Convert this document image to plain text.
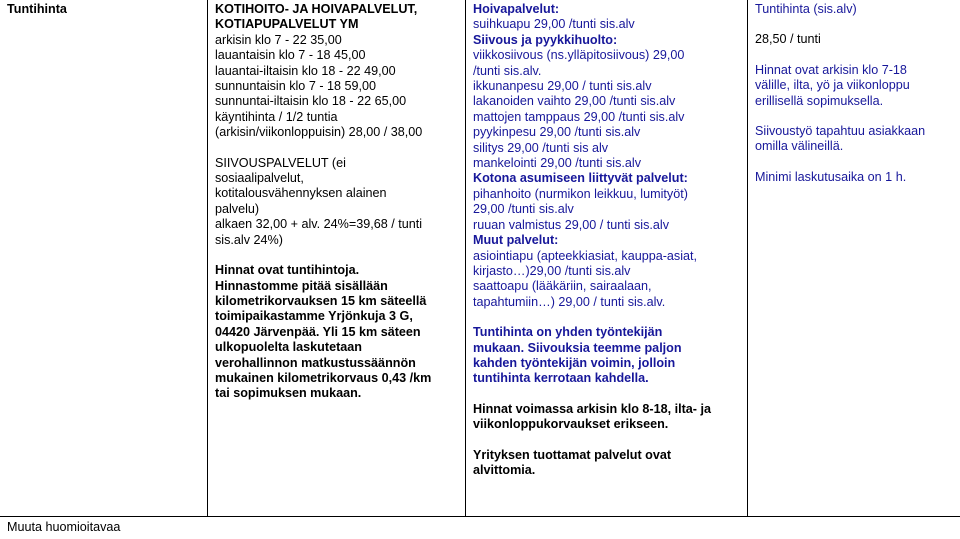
Tuntihinta	KOTIHOITO- JA HOIVAPALVELUT,

KOTIAPUPALVELUT YM

arkisin klo 7 - 22 35,00

lauantaisin klo 7 - 18 45,00

lauantai-iltaisin klo 18 - 22 49,00

sunnuntaisin klo 7 - 18 59,00

sunnuntai-iltaisin klo 18 - 22 65,00

käyntihinta / 1/2 tuntia

(arkisin/viikonloppuisin) 28,00 / 38,00

SIIVOUSPALVELUT (ei

sosiaalipalvelut,

kotitalousvähennyksen alainen

palvelu)

alkaen 32,00 + alv. 24%=39,68 / tunti

sis.alv 24%)

Hinnat ovat tuntihintoja.

Hinnastomme pitää sisällään

kilometrikorvauksen 15 km säteellä

toimipaikastamme Yrjönkuja 3 G,

04420 Järvenpää. Yli 15 km säteen

ulkopuolelta laskutetaan

verohallinnon matkustussäännön

mukainen kilometrikorvaus 0,43 /km

tai sopimuksen mukaan.

Hoivapalvelut:

suihkuapu 29,00 /tunti sis.alv

Siivous ja pyykkihuolto:

viikkosiivous (ns.ylläpitosiivous) 29,00

/tunti sis.alv.

ikkunanpesu 29,00 / tunti sis.alv

lakanoiden vaihto 29,00 /tunti sis.alv

mattojen tamppaus 29,00 /tunti sis.alv

pyykinpesu 29,00 /tunti sis.alv

silitys 29,00 /tunti sis alv

mankelointi 29,00 /tunti sis.alv

Kotona asumiseen liittyvät palvelut:

pihanhoito (nurmikon leikkuu, lumityöt)

29,00 /tunti sis.alv

ruuan valmistus 29,00 / tunti sis.alv

Muut palvelut:

asiointiapu (apteekkiasiat, kauppa-asiat,

kirjasto…)29,00 /tunti sis.alv

saattoapu (lääkäriin, sairaalaan,

tapahtumiin…) 29,00 / tunti sis.alv.

Tuntihinta on yhden työntekijän

mukaan. Siivouksia teemme paljon

kahden työntekijän voimin, jolloin

tuntihinta kerrotaan kahdella.

Hinnat voimassa arkisin klo 8-18, ilta- ja

viikonloppukorvaukset erikseen.

Yrityksen tuottamat palvelut ovat

alvittomia.

Tuntihinta (sis.alv)

28,50 / tunti

Hinnat ovat arkisin klo 7-18

välille, ilta, yö ja viikonloppu

erillisellä sopimuksella.

Siivoustyö tapahtuu asiakkaan

omilla välineillä.

Minimi laskutusaika on 1 h.

Muuta huomioitavaa
